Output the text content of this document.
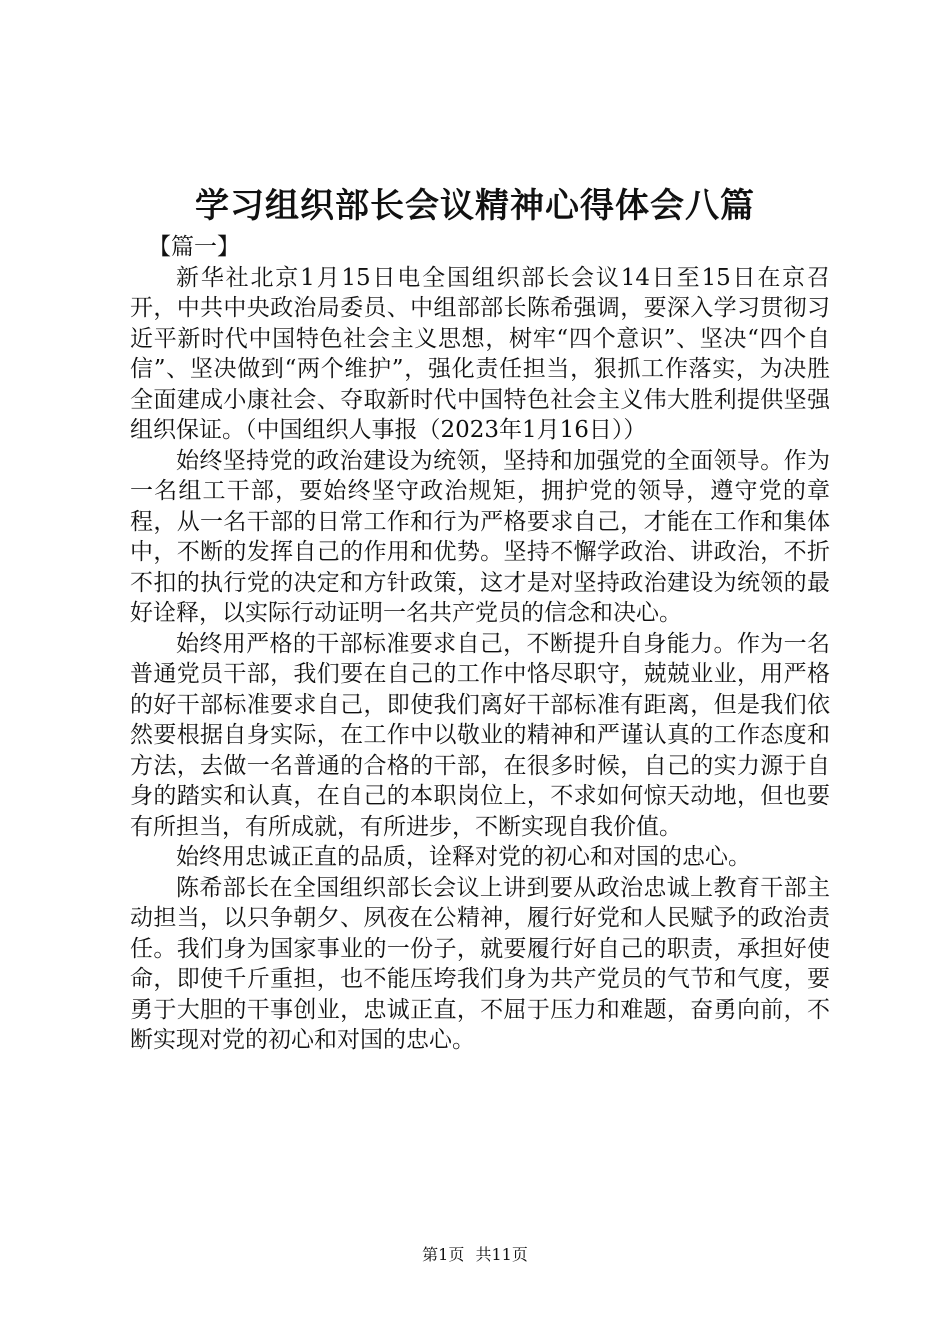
学习组织部长会议精神心得体会八篇

【篇一】

新华社北京1月15日电全国组织部长会议14日至15日在京召开，中共中央政治局委员、中组部部长陈希强调，要深入学习贯彻习近平新时代中国特色社会主义思想，树牢“四个意识”、坚决“四个自信”、坚决做到“两个维护”，强化责任担当，狠抓工作落实，为决胜全面建成小康社会、夺取新时代中国特色社会主义伟大胜利提供坚强组织保证。（中国组织人事报（2023年1月16日））

始终坚持党的政治建设为统领，坚持和加强党的全面领导。作为一名组工干部，要始终坚守政治规矩，拥护党的领导，遵守党的章程，从一名干部的日常工作和行为严格要求自己，才能在工作和集体中，不断的发挥自己的作用和优势。坚持不懈学政治、讲政治，不折不扣的执行党的决定和方针政策，这才是对坚持政治建设为统领的最好诠释，以实际行动证明一名共产党员的信念和决心。

始终用严格的干部标准要求自己，不断提升自身能力。作为一名普通党员干部，我们要在自己的工作中恪尽职守，兢兢业业，用严格的好干部标准要求自己，即使我们离好干部标准有距离，但是我们依然要根据自身实际，在工作中以敬业的精神和严谨认真的工作态度和方法，去做一名普通的合格的干部，在很多时候，自己的实力源于自身的踏实和认真，在自己的本职岗位上，不求如何惊天动地，但也要有所担当，有所成就，有所进步，不断实现自我价值。

始终用忠诚正直的品质，诠释对党的初心和对国的忠心。

陈希部长在全国组织部长会议上讲到要从政治忠诚上教育干部主动担当，以只争朝夕、夙夜在公精神，履行好党和人民赋予的政治责任。我们身为国家事业的一份子，就要履行好自己的职责，承担好使命，即使千斤重担，也不能压垮我们身为共产党员的气节和气度，要勇于大胆的干事创业，忠诚正直，不屈于压力和难题，奋勇向前，不断实现对党的初心和对国的忠心。

第1页 共11页
